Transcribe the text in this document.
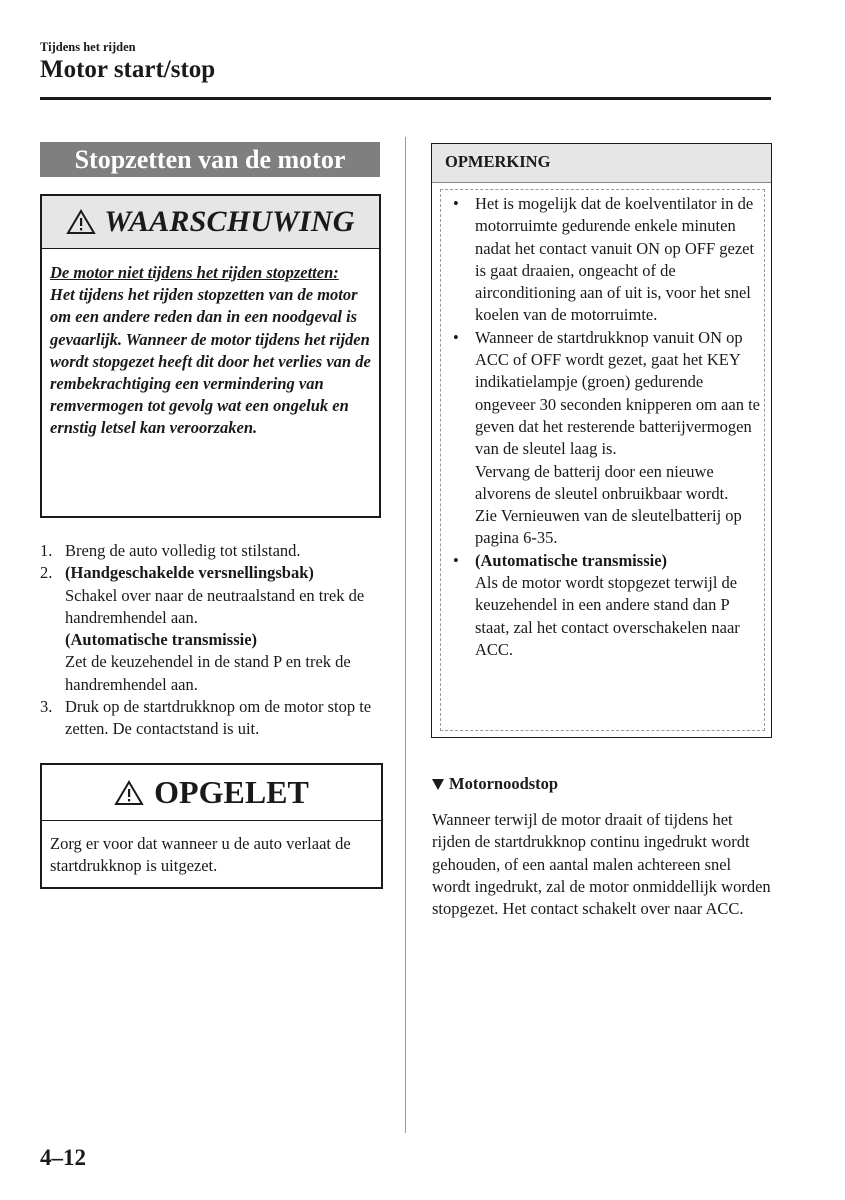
Tijdens het rijden
Motor start/stop
Stopzetten van de motor
WAARSCHUWING
De motor niet tijdens het rijden stopzetten:
Het tijdens het rijden stopzetten van de motor om een andere reden dan in een noodgeval is gevaarlijk. Wanneer de motor tijdens het rijden wordt stopgezet heeft dit door het verlies van de rembekrachtiging een vermindering van remvermogen tot gevolg wat een ongeluk en ernstig letsel kan veroorzaken.
1. Breng de auto volledig tot stilstand.
2. (Handgeschakelde versnellingsbak)
Schakel over naar de neutraalstand en trek de handremhendel aan.
(Automatische transmissie)
Zet de keuzehendel in de stand P en trek de handremhendel aan.
3. Druk op de startdrukknop om de motor stop te zetten. De contactstand is uit.
OPGELET
Zorg er voor dat wanneer u de auto verlaat de startdrukknop is uitgezet.
OPMERKING
• Het is mogelijk dat de koelventilator in de motorruimte gedurende enkele minuten nadat het contact vanuit ON op OFF gezet is gaat draaien, ongeacht of de airconditioning aan of uit is, voor het snel koelen van de motorruimte.
• Wanneer de startdrukknop vanuit ON op ACC of OFF wordt gezet, gaat het KEY indikatielampje (groen) gedurende ongeveer 30 seconden knipperen om aan te geven dat het resterende batterijvermogen van de sleutel laag is.
Vervang de batterij door een nieuwe alvorens de sleutel onbruikbaar wordt.
Zie Vernieuwen van de sleutelbatterij op pagina 6-35.
• (Automatische transmissie)
Als de motor wordt stopgezet terwijl de keuzehendel in een andere stand dan P staat, zal het contact overschakelen naar ACC.
Motornoodstop
Wanneer terwijl de motor draait of tijdens het rijden de startdrukknop continu ingedrukt wordt gehouden, of een aantal malen achtereen snel wordt ingedrukt, zal de motor onmiddellijk worden stopgezet. Het contact schakelt over naar ACC.
4–12
